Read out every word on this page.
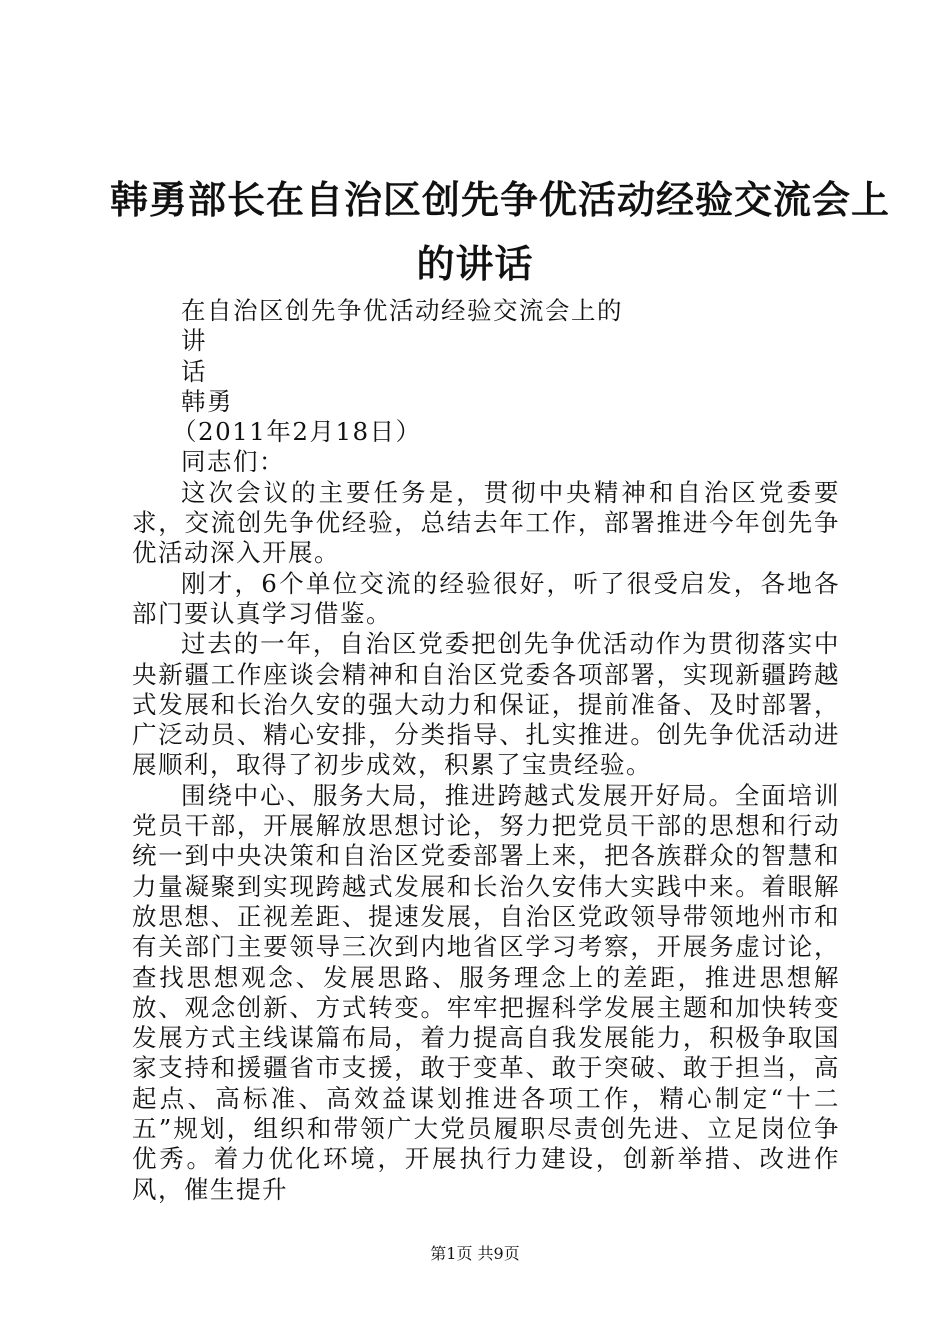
韩勇部长在自治区创先争优活动经验交流会上
的讲话
在自治区创先争优活动经验交流会上的
讲
话
韩勇
（2011年2月18日）
同志们：

这次会议的主要任务是，贯彻中央精神和自治区党委要求，交流创先争优经验，总结去年工作，部署推进今年创先争优活动深入开展。

刚才，6个单位交流的经验很好，听了很受启发，各地各部门要认真学习借鉴。

过去的一年，自治区党委把创先争优活动作为贯彻落实中央新疆工作座谈会精神和自治区党委各项部署，实现新疆跨越式发展和长治久安的强大动力和保证，提前准备、及时部署，广泛动员、精心安排，分类指导、扎实推进。创先争优活动进展顺利，取得了初步成效，积累了宝贵经验。

围绕中心、服务大局，推进跨越式发展开好局。全面培训党员干部，开展解放思想讨论，努力把党员干部的思想和行动统一到中央决策和自治区党委部署上来，把各族群众的智慧和力量凝聚到实现跨越式发展和长治久安伟大实践中来。着眼解放思想、正视差距、提速发展，自治区党政领导带领地州市和有关部门主要领导三次到内地省区学习考察，开展务虚讨论，查找思想观念、发展思路、服务理念上的差距，推进思想解放、观念创新、方式转变。牢牢把握科学发展主题和加快转变发展方式主线谋篇布局，着力提高自我发展能力，积极争取国家支持和援疆省市支援，敢于变革、敢于突破、敢于担当，高起点、高标准、高效益谋划推进各项工作，精心制定“十二五”规划，组织和带领广大党员履职尽责创先进、立足岗位争优秀。着力优化环境，开展执行力建设，创新举措、改进作风，催生提升

第1页 共9页
